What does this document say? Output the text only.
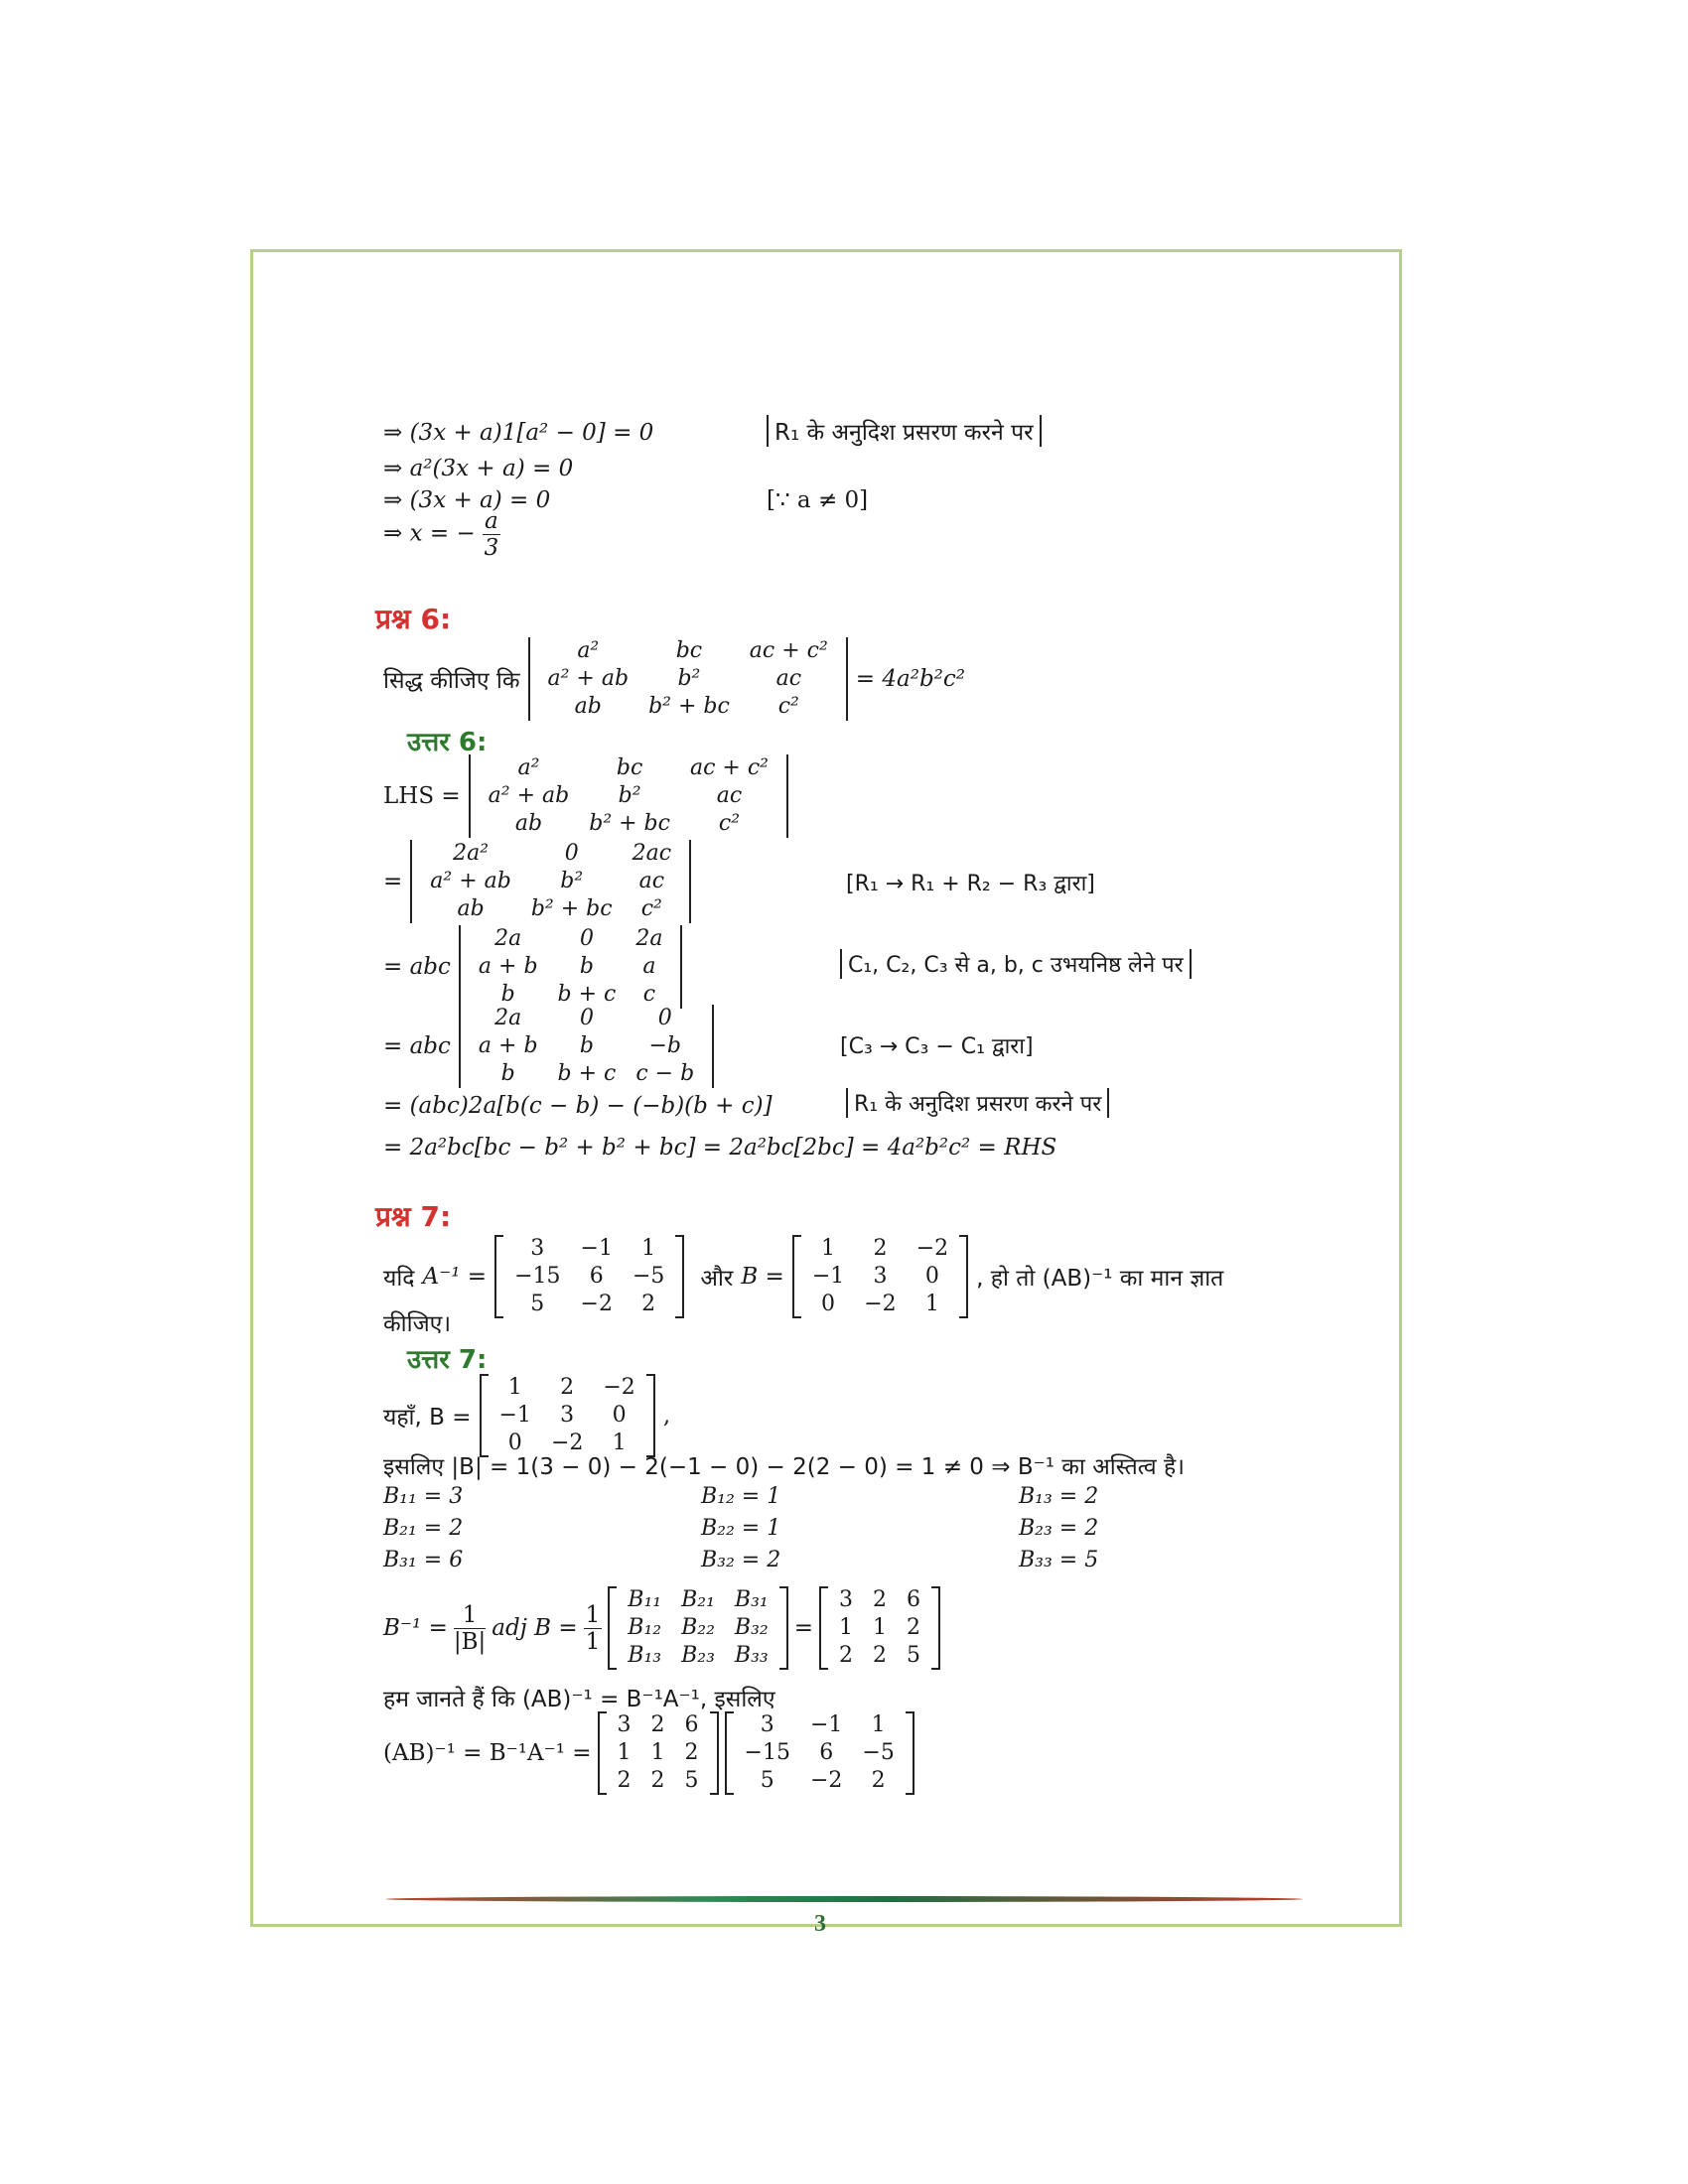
⇒ (3x + a)1[a² − 0] = 0	R₁ के अनुदिश प्रसरण करने पर
⇒ a²(3x + a) = 0
⇒ (3x + a) = 0	[∵ a ≠ 0]
⇒ x = − $\frac{a}{3}$
प्रश्न 6:
सिद्ध कीजिए कि
a²	bc	ac + c²
a² + ab	b²	ac
ab	b² + bc	c²
= 4a²b²c²
उत्तर 6:
LHS =
a²	bc	ac + c²
a² + ab	b²	ac
ab	b² + bc	c²
=
2a²	0	2ac
a² + ab	b²	ac
ab	b² + bc	c²
[R₁ → R₁ + R₂ − R₃ द्वारा]
= abc
2a	0	2a
a + b	b	a
b	b + c	c
C₁, C₂, C₃ से a, b, c उभयनिष्ठ लेने पर
= abc
2a	0	0
a + b	b	−b
b	b + c	c − b
[C₃ → C₃ − C₁ द्वारा]
= (abc)2a[b(c − b) − (−b)(b + c)]	R₁ के अनुदिश प्रसरण करने पर
= 2a²bc[bc − b² + b² + bc] = 2a²bc[2bc] = 4a²b²c² = RHS
प्रश्न 7:
यदि A⁻¹ =
3	−1	1
−15	6	−5
5	−2	2
और B =
1	2	−2
−1	3	0
0	−2	1
, हो तो (AB)⁻¹ का मान ज्ञात
कीजिए।
उत्तर 7:
यहाँ, B =
1	2	−2
−1	3	0
0	−2	1
,
इसलिए |B| = 1(3 − 0) − 2(−1 − 0) − 2(2 − 0) = 1 ≠ 0 ⇒ B⁻¹ का अस्तित्व है।
B₁₁ = 3	B₁₂ = 1	B₁₃ = 2
B₂₁ = 2	B₂₂ = 1	B₂₃ = 2
B₃₁ = 6	B₃₂ = 2	B₃₃ = 5
$B^{-1} = \frac{1}{|B|}$ adj $B = \frac{1}{1}$
B₁₁	B₂₁	B₃₁
B₁₂	B₂₂	B₃₂
B₁₃	B₂₃	B₃₃
=
3	2	6
1	1	2
2	2	5
हम जानते हैं कि (AB)⁻¹ = B⁻¹A⁻¹, इसलिए
(AB)⁻¹ = B⁻¹A⁻¹ =
3	2	6
1	1	2
2	2	5
3	−1	1
−15	6	−5
5	−2	2
3
